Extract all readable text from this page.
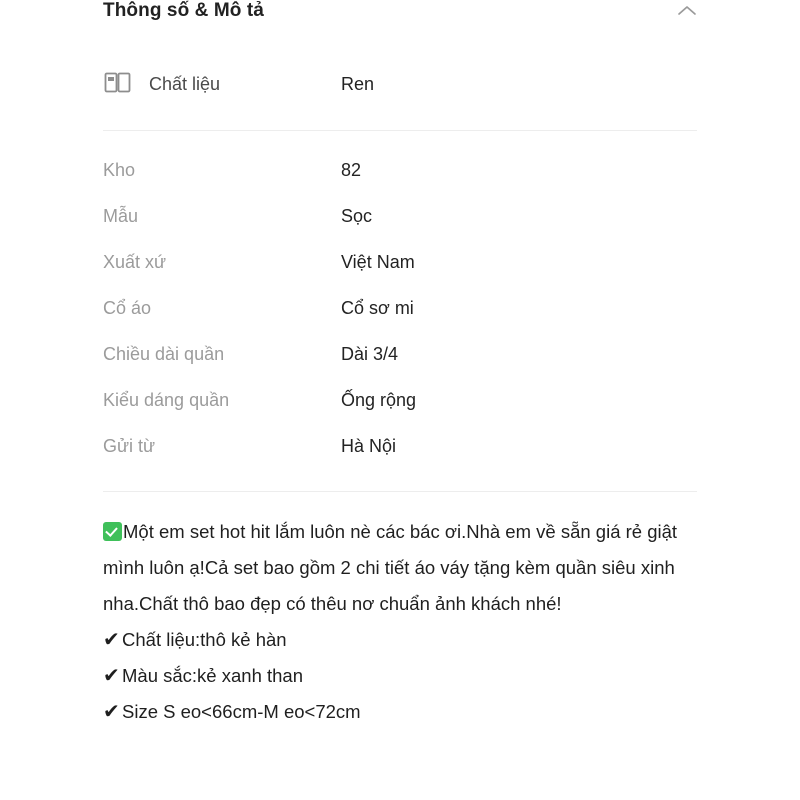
Thông số & Mô tả
Chất liệu	Ren
Kho	82
Mẫu	Sọc
Xuất xứ	Việt Nam
Cổ áo	Cổ sơ mi
Chiều dài quần	Dài 3/4
Kiểu dáng quần	Ống rộng
Gửi từ	Hà Nội

Một em set hot hit lắm luôn nè các bác ơi.Nhà em về sẵn giá rẻ giật mình luôn ạ!Cả set bao gồm 2 chi tiết áo váy tặng kèm quần siêu xinh nha.Chất thô bao đẹp có thêu nơ chuẩn ảnh khách nhé!

✔ Chất liệu:thô kẻ hàn

✔ Màu sắc:kẻ xanh than

✔ Size S eo<66cm-M eo<72cm
